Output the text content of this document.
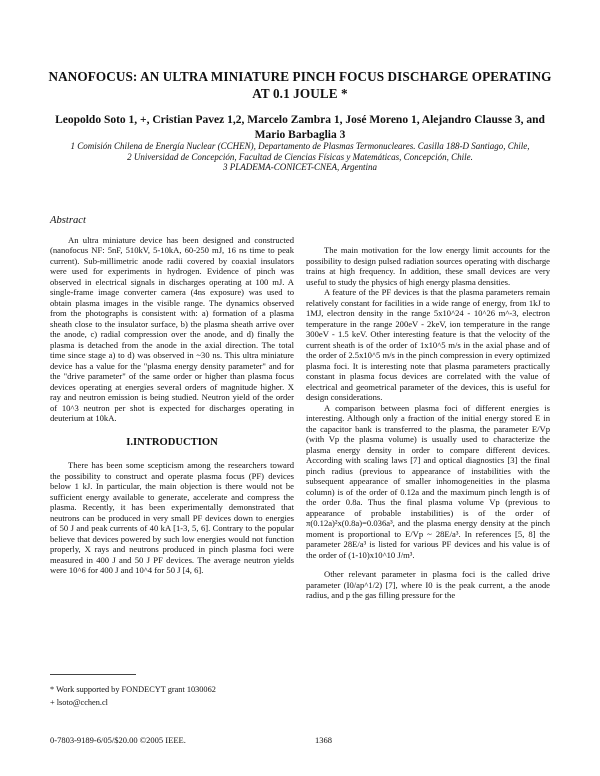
NANOFOCUS: AN ULTRA MINIATURE PINCH FOCUS DISCHARGE OPERATING AT 0.1 JOULE *
Leopoldo Soto 1, +, Cristian Pavez 1,2, Marcelo Zambra 1, José Moreno 1, Alejandro Clausse 3, and Mario Barbaglia 3
1 Comisión Chilena de Energía Nuclear (CCHEN), Departamento de Plasmas Termonucleares. Casilla 188-D Santiago, Chile,
2 Universidad de Concepción, Facultad de Ciencias Físicas y Matemáticas, Concepción, Chile.
3 PLADEMA-CONICET-CNEA, Argentina
Abstract

An ultra miniature device has been designed and constructed (nanofocus NF: 5nF, 510kV, 5-10kA, 60-250 mJ, 16 ns time to peak current). Sub-millimetric anode radii covered by coaxial insulators were used for experiments in hydrogen. Evidence of pinch was observed in electrical signals in discharges operating at 100 mJ. A single-frame image converter camera (4ns exposure) was used to obtain plasma images in the visible range. The dynamics observed from the photographs is consistent with: a) formation of a plasma sheath close to the insulator surface, b) the plasma sheath arrive over the anode, c) radial compression over the anode, and d) finally the plasma is detached from the anode in the axial direction. The total time since stage a) to d) was observed in ~30 ns. This ultra miniature device has a value for the "plasma energy density parameter" and for the "drive parameter" of the same order or higher than plasma focus devices operating at energies several orders of magnitude higher. X ray and neutron emission is being studied. Neutron yield of the order of 10^3 neutron per shot is expected for discharges operating in deuterium at 10kA.

I.INTRODUCTION

There has been some scepticism among the researchers toward the possibility to construct and operate plasma focus (PF) devices below 1 kJ. In particular, the main objection is there would not be sufficient energy available to generate, accelerate and compress the plasma. Recently, it has been experimentally demonstrated that neutrons can be produced in very small PF devices down to energies of 50 J and peak currents of 40 kA [1-3, 5, 6]. Contrary to the popular believe that devices powered by such low energies would not function properly, X rays and neutrons produced in pinch plasma foci were measured in 400 J and 50 J PF devices. The average neutron yields were 10^6 for 400 J and 10^4 for 50 J [4, 6].

The main motivation for the low energy limit accounts for the possibility to design pulsed radiation sources operating with discharge trains at high frequency. In addition, these small devices are very useful to study the physics of high energy plasma densities.

A feature of the PF devices is that the plasma parameters remain relatively constant for facilities in a wide range of energy, from 1kJ to 1MJ, electron density in the range 5x10^24 - 10^26 m^-3, electron temperature in the range 200eV - 2keV, ion temperature in the range 300eV - 1.5 keV. Other interesting feature is that the velocity of the current sheath is of the order of 1x10^5 m/s in the axial phase and of the order of 2.5x10^5 m/s in the pinch compression in every optimized plasma foci. It is interesting note that plasma parameters practically constant in plasma focus devices are correlated with the value of electrical and geometrical parameter of the devices, this is useful for design considerations.

A comparison between plasma foci of different energies is interesting. Although only a fraction of the initial energy stored E in the capacitor bank is transferred to the plasma, the parameter E/Vp (with Vp the plasma volume) is usually used to characterize the plasma energy density in order to compare different devices. According with scaling laws [7] and optical diagnostics [3] the final pinch radius (previous to appearance of instabilities with the subsequent appearance of smaller inhomogeneities in the plasma column) is of the order of 0.12a and the maximum pinch length is of the order 0.8a. Thus the final plasma volume Vp (previous to appearance of probable instabilities) is of the order of π(0.12a)²x(0.8a)=0.036a³, and the plasma energy density at the pinch moment is proportional to E/Vp ~ 28E/a³. In references [5, 8] the parameter 28E/a³ is listed for various PF devices and his value is of the order of (1-10)x10^10 J/m³.

Other relevant parameter in plasma foci is the called drive parameter (I0/ap^1/2) [7], where I0 is the peak current, a the anode radius, and p the gas filling pressure for the

* Work supported by FONDECYT grant 1030062
+ lsoto@cchen.cl
0-7803-9189-6/05/$20.00 ©2005 IEEE.	1368
